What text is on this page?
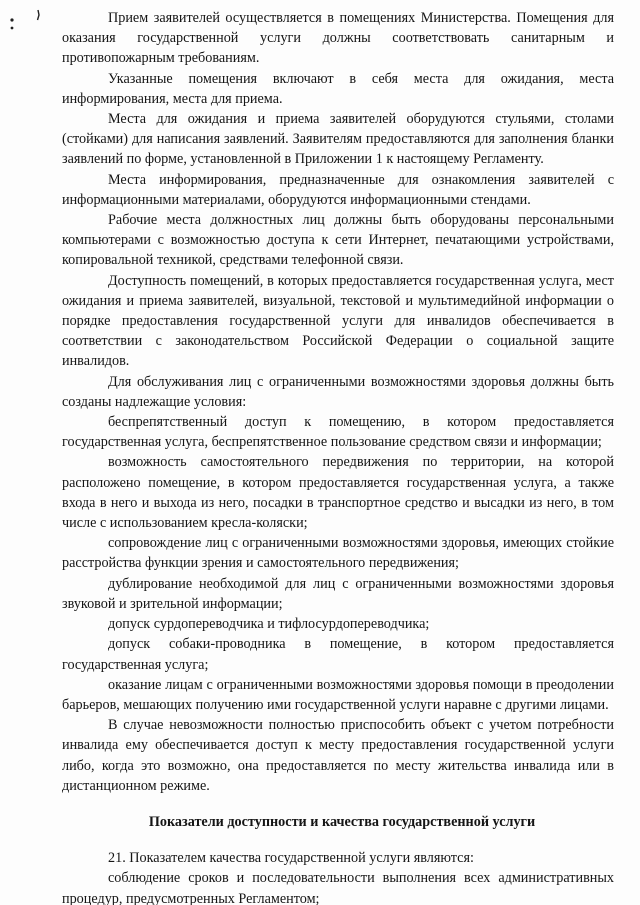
Прием заявителей осуществляется в помещениях Министерства. Помещения для оказания государственной услуги должны соответствовать санитарным и противопожарным требованиям.

Указанные помещения включают в себя места для ожидания, места информирования, места для приема.

Места для ожидания и приема заявителей оборудуются стульями, столами (стойками) для написания заявлений. Заявителям предоставляются для заполнения бланки заявлений по форме, установленной в Приложении 1 к настоящему Регламенту.

Места информирования, предназначенные для ознакомления заявителей с информационными материалами, оборудуются информационными стендами.

Рабочие места должностных лиц должны быть оборудованы персональными компьютерами с возможностью доступа к сети Интернет, печатающими устройствами, копировальной техникой, средствами телефонной связи.

Доступность помещений, в которых предоставляется государственная услуга, мест ожидания и приема заявителей, визуальной, текстовой и мультимедийной информации о порядке предоставления государственной услуги для инвалидов обеспечивается в соответствии с законодательством Российской Федерации о социальной защите инвалидов.

Для обслуживания лиц с ограниченными возможностями здоровья должны быть созданы надлежащие условия:

беспрепятственный доступ к помещению, в котором предоставляется государственная услуга, беспрепятственное пользование средством связи и информации;

возможность самостоятельного передвижения по территории, на которой расположено помещение, в котором предоставляется государственная услуга, а также входа в него и выхода из него, посадки в транспортное средство и высадки из него, в том числе с использованием кресла-коляски;

сопровождение лиц с ограниченными возможностями здоровья, имеющих стойкие расстройства функции зрения и самостоятельного передвижения;

дублирование необходимой для лиц с ограниченными возможностями здоровья звуковой и зрительной информации;

допуск сурдопереводчика и тифлосурдопереводчика;

допуск собаки-проводника в помещение, в котором предоставляется государственная услуга;

оказание лицам с ограниченными возможностями здоровья помощи в преодолении барьеров, мешающих получению ими государственной услуги наравне с другими лицами.

В случае невозможности полностью приспособить объект с учетом потребности инвалида ему обеспечивается доступ к месту предоставления государственной услуги либо, когда это возможно, она предоставляется по месту жительства инвалида или в дистанционном режиме.

Показатели доступности и качества государственной услуги

21. Показателем качества государственной услуги являются:

соблюдение сроков и последовательности выполнения всех административных процедур, предусмотренных Регламентом;
